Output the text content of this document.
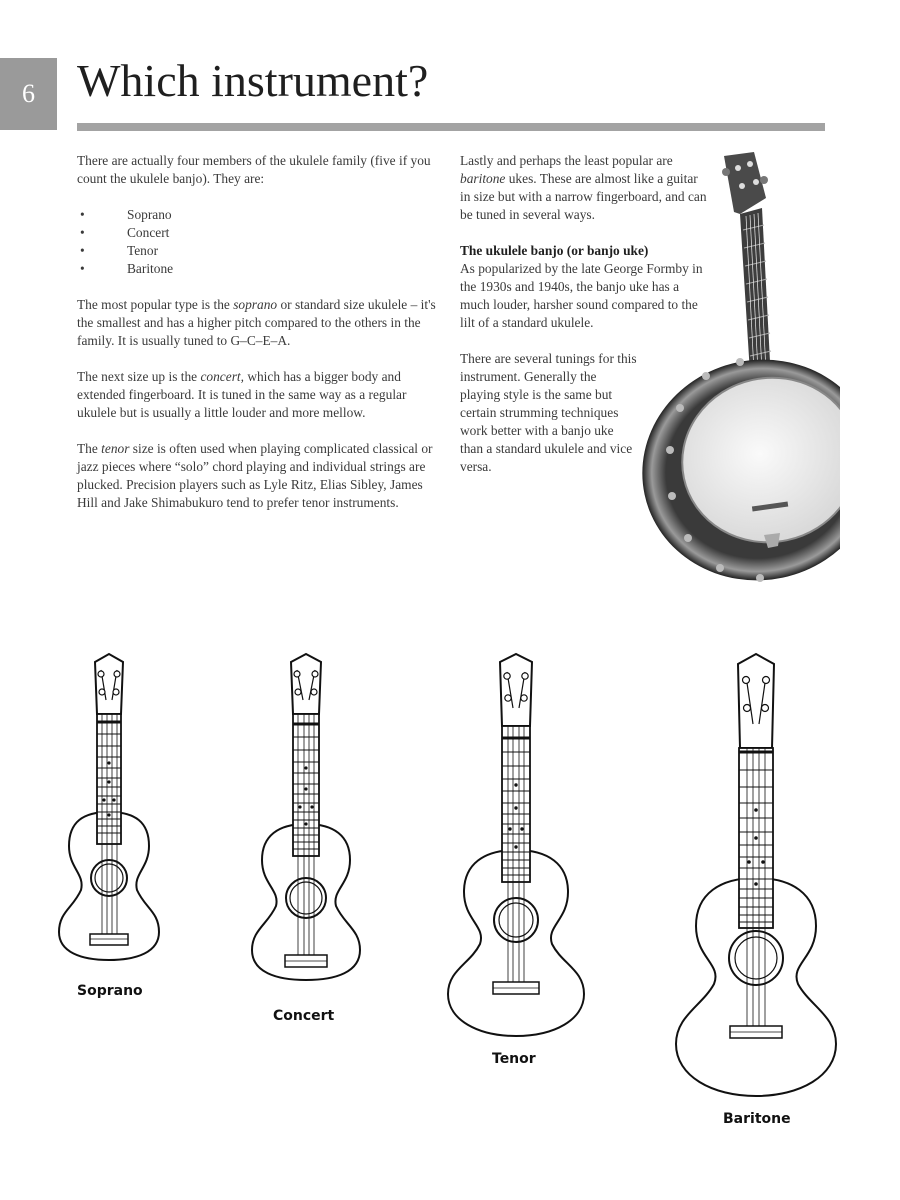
6 Which instrument?

There are actually four members of the ukulele family (five if you count the ukulele banjo). They are:

• Soprano
• Concert
• Tenor
• Baritone

The most popular type is the soprano or standard size ukulele – it's the smallest and has a higher pitch compared to the others in the family. It is usually tuned to G–C–E–A.

The next size up is the concert, which has a bigger body and extended fingerboard. It is tuned in the same way as a regular ukulele but is usually a little louder and more mellow.

The tenor size is often used when playing complicated classical or jazz pieces where “solo” chord playing and individual strings are plucked. Precision players such as Lyle Ritz, Elias Sibley, James Hill and Jake Shimabukuro tend to prefer tenor instruments.

Lastly and perhaps the least popular are baritone ukes. These are almost like a guitar in size but with a narrow fingerboard, and can be tuned in several ways.

The ukulele banjo (or banjo uke)

As popularized by the late George Formby in the 1930s and 1940s, the banjo uke has a much louder, harsher sound compared to the lilt of a standard ukulele.

There are several tunings for this instrument. Generally the playing style is the same but certain strumming techniques work better with a banjo uke than a standard ukulele and vice versa.

Soprano
Concert
Tenor
Baritone
